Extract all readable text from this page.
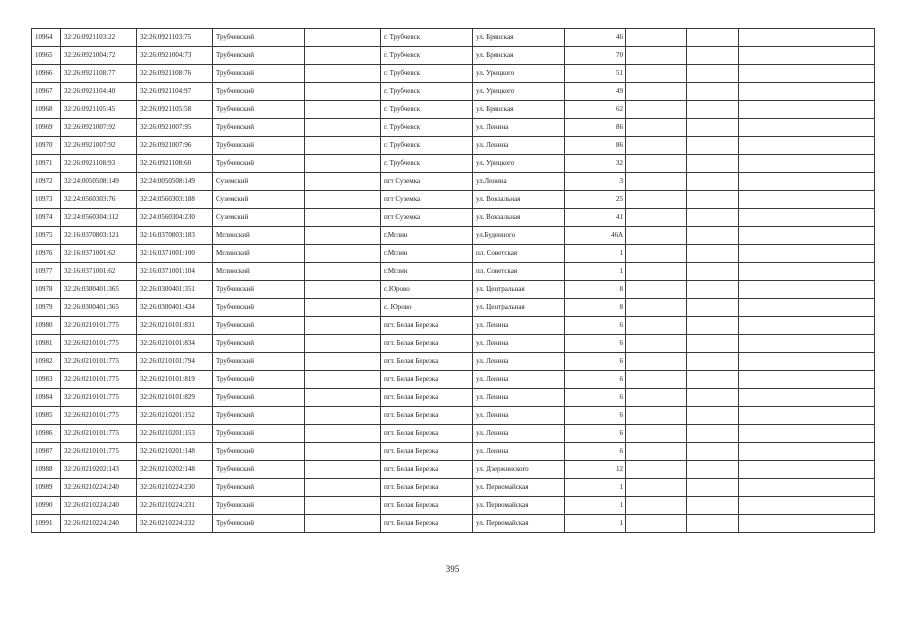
10964	32:26:0921103:22	32:26:0921103:75	Трубчевский		г. Трубчевск	ул. Брянская	46			
10965	32:26:0921004:72	32:26:0921004:73	Трубчевский		г. Трубчевск	ул. Брянская	70			
10966	32:26:0921108:77	32:26:0921108:76	Трубчевский		г. Трубчевск	ул. Урицкого	51			
10967	32:26:0921104:40	32:26:0921104:97	Трубчевский		г. Трубчевск	ул. Урицкого	49			
10968	32:26:0921105:45	32:26:0921105:58	Трубчевский		г. Трубчевск	ул. Брянская	62			
10969	32:26:0921007:92	32:26:0921007:95	Трубчевский		г. Трубчевск	ул. Ленина	86			
10970	32:26:0921007:92	32:26:0921007:96	Трубчевский		г. Трубчевск	ул. Ленина	86			
10971	32:26:0921108:93	32:26:0921108:60	Трубчевский		г. Трубчевск	ул. Урицкого	32			
10972	32:24:0050508:149	32:24:0050508:149	Суземский		пгт Суземка	ул.Ленина	3			
10973	32:24:0560303:76	32:24:0560303:188	Суземский		пгт Суземка	ул. Вокзальная	25			
10974	32:24:0560304:112	32:24:0560304:230	Суземский		пгт Суземка	ул. Вокзальная	41			
10975	32:16:0370803:121	32:16:0370803:183	Мглинский		г.Мглин	ул.Буденного	46А			
10976	32:16:0371001:62	32:16:0371001:100	Мглинский		г.Мглин	пл. Советская	1			
10977	32:16:0371001:62	32:16:0371001:104	Мглинский		г.Мглин	пл. Советская	1			
10978	32:26:0300401:365	32:26:0300401:351	Трубчевский		с.Юрово	ул. Центральная	8			
10979	32:26:0300401:365	32:26:0300401:434	Трубчевский		с. Юрово	ул. Центральная	8			
10980	32:26:0210101:775	32:26:0210101:831	Трубчевский		пгт. Белая Березка	ул. Ленина	6			
10981	32:26:0210101:775	32:26:0210101:834	Трубчевский		пгт. Белая Березка	ул. Ленина	6			
10982	32:26:0210101:775	32:26:0210101:794	Трубчевский		пгт. Белая Березка	ул. Ленина	6			
10983	32:26:0210101:775	32:26:0210101:819	Трубчевский		пгт. Белая Березка	ул. Ленина	6			
10984	32:26:0210101:775	32:26:0210101:829	Трубчевский		пгт. Белая Березка	ул. Ленина	6			
10985	32:26:0210101:775	32:26:0210201:152	Трубчевский		пгт. Белая Березка	ул. Ленина	6			
10986	32:26:0210101:775	32:26:0210201:153	Трубчевский		пгт. Белая Березка	ул. Ленина	6			
10987	32:26:0210101:775	32:26:0210201:148	Трубчевский		пгт. Белая Березка	ул. Ленина	6			
10988	32:26:0210202:143	32:26:0210202:148	Трубчевский		пгт. Белая Березка	ул. Дзержинского	12			
10989	32:26:0210224:240	32:26:0210224:230	Трубчевский		пгт. Белая Березка	ул. Первомайская	1			
10990	32:26:0210224:240	32:26:0210224:231	Трубчевский		пгт. Белая Березка	ул. Первомайская	1			
10991	32:26:0210224:240	32:26:0210224:232	Трубчевский		пгт. Белая Березка	ул. Первомайская	1			
395
